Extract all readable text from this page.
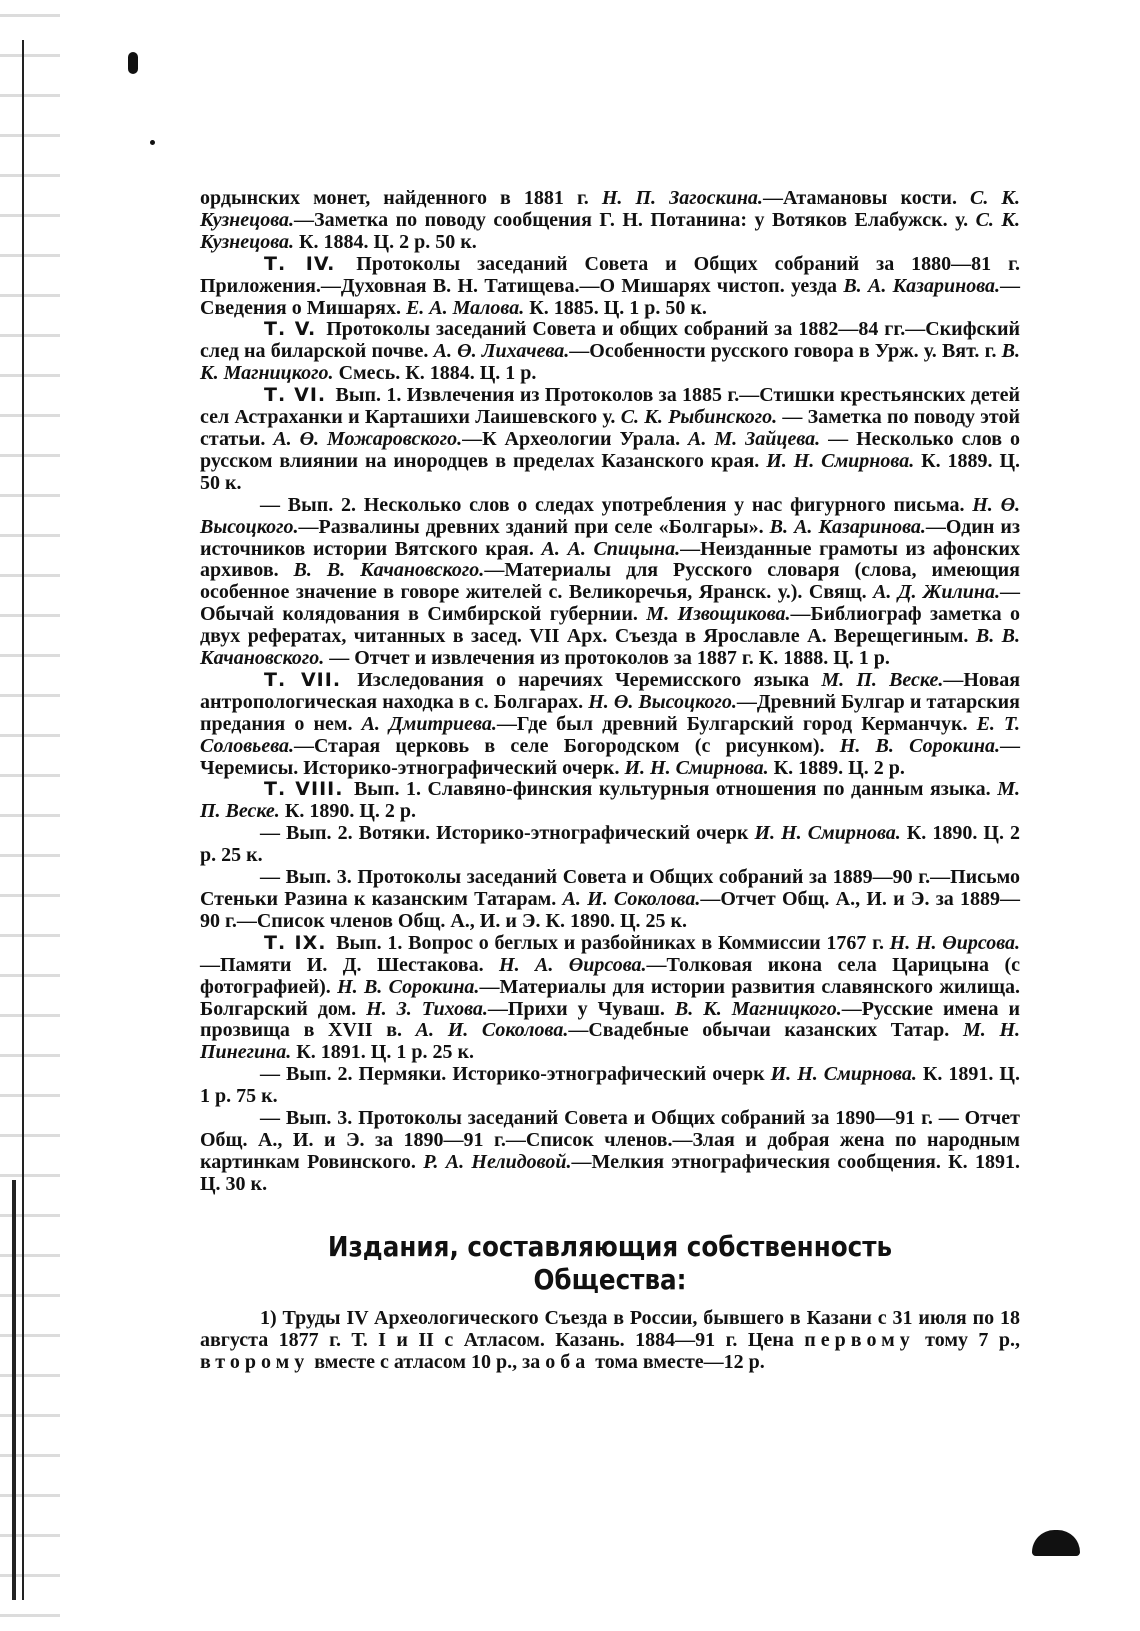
ордынских монет, найденного в 1881 г. Н. П. Загоскина.—Атамановы кости. С. К. Кузнецова.—Заметка по поводу сообщения Г. Н. Потанина: у Вотяков Елабужск. у. С. К. Кузнецова. К. 1884. Ц. 2 р. 50 к.

Т. IV. Протоколы заседаний Совета и Общих собраний за 1880—81 г. Приложения.—Духовная В. Н. Татищева.—О Мишарях чистоп. уезда В. А. Казаринова.—Сведения о Мишарях. Е. А. Малова. К. 1885. Ц. 1 р. 50 к.

Т. V. Протоколы заседаний Совета и общих собраний за 1882—84 гг.—Скифский след на биларской почве. А. Ө. Лихачева.—Особенности русского говора в Урж. у. Вят. г. В. К. Магницкого. Смесь. К. 1884. Ц. 1 р.

Т. VI. Вып. 1. Извлечения из Протоколов за 1885 г.—Стишки крестьянских детей сел Астраханки и Карташихи Лаишевского у. С. К. Рыбинского. — Заметка по поводу этой статьи. А. Ө. Можаровского.—К Археологии Урала. А. М. Зайцева. — Несколько слов о русском влиянии на инородцев в пределах Казанского края. И. Н. Смирнова. К. 1889. Ц. 50 к.

— Вып. 2. Несколько слов о следах употребления у нас фигурного письма. Н. Ө. Высоцкого.—Развалины древних зданий при селе «Болгары». В. А. Казаринова.—Один из источников истории Вятского края. А. А. Спицына.—Неизданные грамоты из афонских архивов. В. В. Качановского.—Материалы для Русского словаря (слова, имеющия особенное значение в говоре жителей с. Великоречья, Яранск. у.). Свящ. А. Д. Жилина.—Обычай колядования в Симбирской губернии. М. Извощикова.—Библиограф заметка о двух рефератах, читанных в засед. VII Арх. Съезда в Ярославле А. Верещегиным. В. В. Качановского. — Отчет и извлечения из протоколов за 1887 г. К. 1888. Ц. 1 р.

Т. VII. Изследования о наречиях Черемисского языка М. П. Веске.—Новая антропологическая находка в с. Болгарах. Н. Ө. Высоцкого.—Древний Булгар и татарския предания о нем. А. Дмитриева.—Где был древний Булгарский город Керманчук. Е. Т. Соловьева.—Старая церковь в селе Богородском (с рисунком). Н. В. Сорокина.—Черемисы. Историко-этнографический очерк. И. Н. Смирнова. К. 1889. Ц. 2 р.

Т. VIII. Вып. 1. Славяно-финския культурныя отношения по данным языка. М. П. Веске. К. 1890. Ц. 2 р.

— Вып. 2. Вотяки. Историко-этнографический очерк И. Н. Смирнова. К. 1890. Ц. 2 р. 25 к.

— Вып. 3. Протоколы заседаний Совета и Общих собраний за 1889—90 г.—Письмо Стеньки Разина к казанским Татарам. А. И. Соколова.—Отчет Общ. А., И. и Э. за 1889—90 г.—Список членов Общ. А., И. и Э. К. 1890. Ц. 25 к.

Т. IX. Вып. 1. Вопрос о беглых и разбойниках в Коммиссии 1767 г. Н. Н. Өирсова.—Памяти И. Д. Шестакова. Н. А. Өирсова.—Толковая икона села Царицына (с фотографией). Н. В. Сорокина.—Материалы для истории развития славянского жилища. Болгарский дом. Н. З. Тихова.—Прихи у Чуваш. В. К. Магницкого.—Русские имена и прозвища в XVII в. А. И. Соколова.—Свадебные обычаи казанских Татар. М. Н. Пинегина. К. 1891. Ц. 1 р. 25 к.

— Вып. 2. Пермяки. Историко-этнографический очерк И. Н. Смирнова. К. 1891. Ц. 1 р. 75 к.

— Вып. 3. Протоколы заседаний Совета и Общих собраний за 1890—91 г. — Отчет Общ. А., И. и Э. за 1890—91 г.—Список членов.—Злая и добрая жена по народным картинкам Ровинского. Р. А. Нелидовой.—Мелкия этнографическия сообщения. К. 1891. Ц. 30 к.

Издания, составляющия собственность Общества:

1) Труды IV Археологического Съезда в России, бывшего в Казани с 31 июля по 18 августа 1877 г. Т. I и II с Атласом. Казань. 1884—91 г. Цена первому тому 7 р., второму вместе с атласом 10 р., за оба тома вместе—12 р.
